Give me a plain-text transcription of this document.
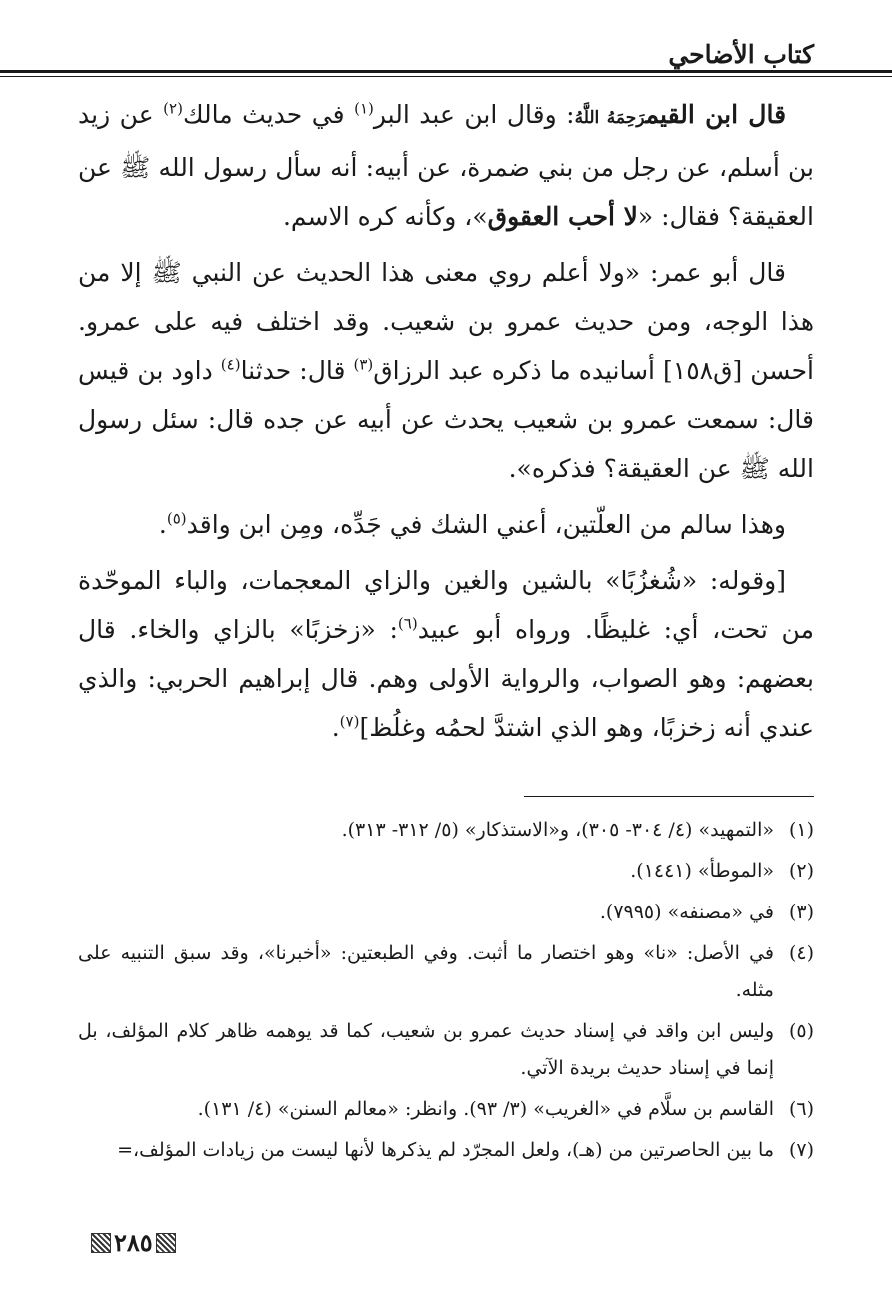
كتاب الأضاحي

قال ابن القيمرَحِمَهُ اللَّهُ: وقال ابن عبد البر$^{(١)}$ في حديث مالك$^{(٢)}$ عن زيد بن أسلم، عن رجل من بني ضمرة، عن أبيه: أنه سأل رسول الله ﷺ عن العقيقة؟ فقال: «لا أحب العقوق»، وكأنه كره الاسم.

قال أبو عمر: «ولا أعلم روي معنى هذا الحديث عن النبي ﷺ إلا من هذا الوجه، ومن حديث عمرو بن شعيب. وقد اختلف فيه على عمرو. أحسن [ق١٥٨] أسانيده ما ذكره عبد الرزاق$^{(٣)}$ قال: حدثنا$^{(٤)}$ داود بن قيس قال: سمعت عمرو بن شعيب يحدث عن أبيه عن جده قال: سئل رسول الله ﷺ عن العقيقة؟ فذكره».

وهذا سالم من العلّتين، أعني الشك في جَدِّه، ومِن ابن واقد$^{(٥)}$.

[وقوله: «شُغزُبًا» بالشين والغين والزاي المعجمات، والباء الموحّدة من تحت، أي: غليظًا. ورواه أبو عبيد$^{(٦)}$: «زخزبًا» بالزاي والخاء. قال بعضهم: وهو الصواب، والرواية الأولى وهم. قال إبراهيم الحربي: والذي عندي أنه زخزبًا، وهو الذي اشتدَّ لحمُه وغلُظ]$^{(٧)}$.

(١)
«التمهيد» (٤/ ٣٠٤- ٣٠٥)، و«الاستذكار» (٥/ ٣١٢- ٣١٣).
(٢)
«الموطأ» (١٤٤١).
(٣)
في «مصنفه» (٧٩٩٥).
(٤)
في الأصل: «نا» وهو اختصار ما أثبت. وفي الطبعتين: «أخبرنا»، وقد سبق التنبيه على مثله.
(٥)
وليس ابن واقد في إسناد حديث عمرو بن شعيب، كما قد يوهمه ظاهر كلام المؤلف، بل إنما في إسناد حديث بريدة الآتي.
(٦)
القاسم بن سلَّام في «الغريب» (٣/ ٩٣). وانظر: «معالم السنن» (٤/ ١٣١).
(٧)
ما بين الحاصرتين من (هـ)، ولعل المجرّد لم يذكرها لأنها ليست من زيادات المؤلف،=
٢٨٥
